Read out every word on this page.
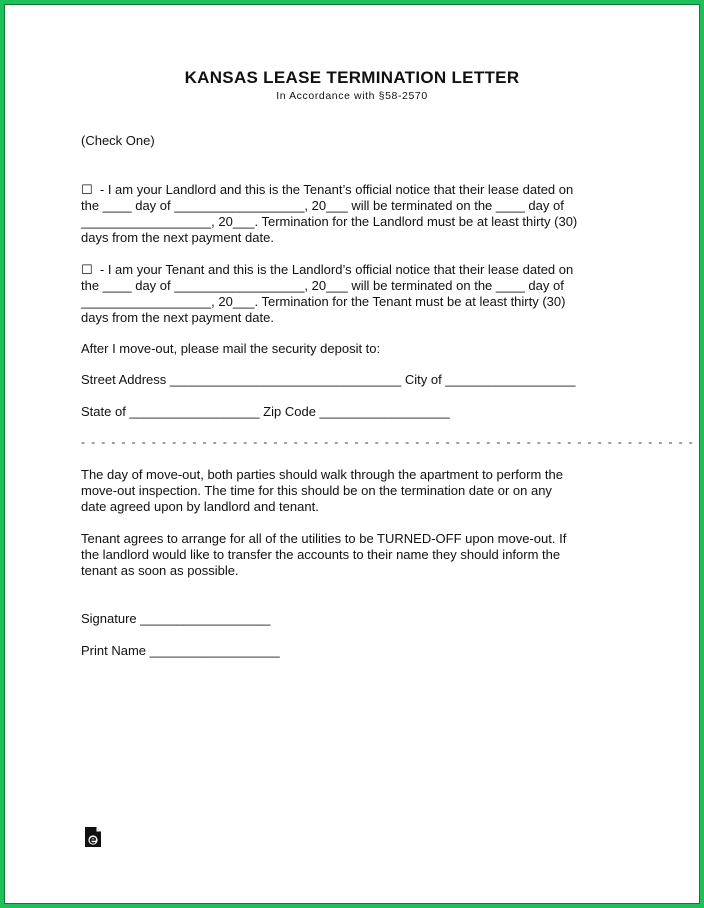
KANSAS LEASE TERMINATION LETTER
In Accordance with §58-2570
(Check One)
☐  - I am your Landlord and this is the Tenant’s official notice that their lease dated on
the ____ day of __________________, 20___ will be terminated on the ____ day of
__________________, 20___. Termination for the Landlord must be at least thirty (30)
days from the next payment date.
☐  - I am your Tenant and this is the Landlord’s official notice that their lease dated on
the ____ day of __________________, 20___ will be terminated on the ____ day of
__________________, 20___. Termination for the Tenant must be at least thirty (30)
days from the next payment date.
After I move-out, please mail the security deposit to:
Street Address ________________________________ City of __________________
State of __________________ Zip Code __________________
- - - - - - - - - - - - - - - - - - - - - - - - - - - - - - - - - - - - - - - - - - - - - - - - - - - - - - - - - - - - -
The day of move-out, both parties should walk through the apartment to perform the
move-out inspection. The time for this should be on the termination date or on any
date agreed upon by landlord and tenant.
Tenant agrees to arrange for all of the utilities to be TURNED-OFF upon move-out. If
the landlord would like to transfer the accounts to their name they should inform the
tenant as soon as possible.
Signature __________________
Print Name __________________
